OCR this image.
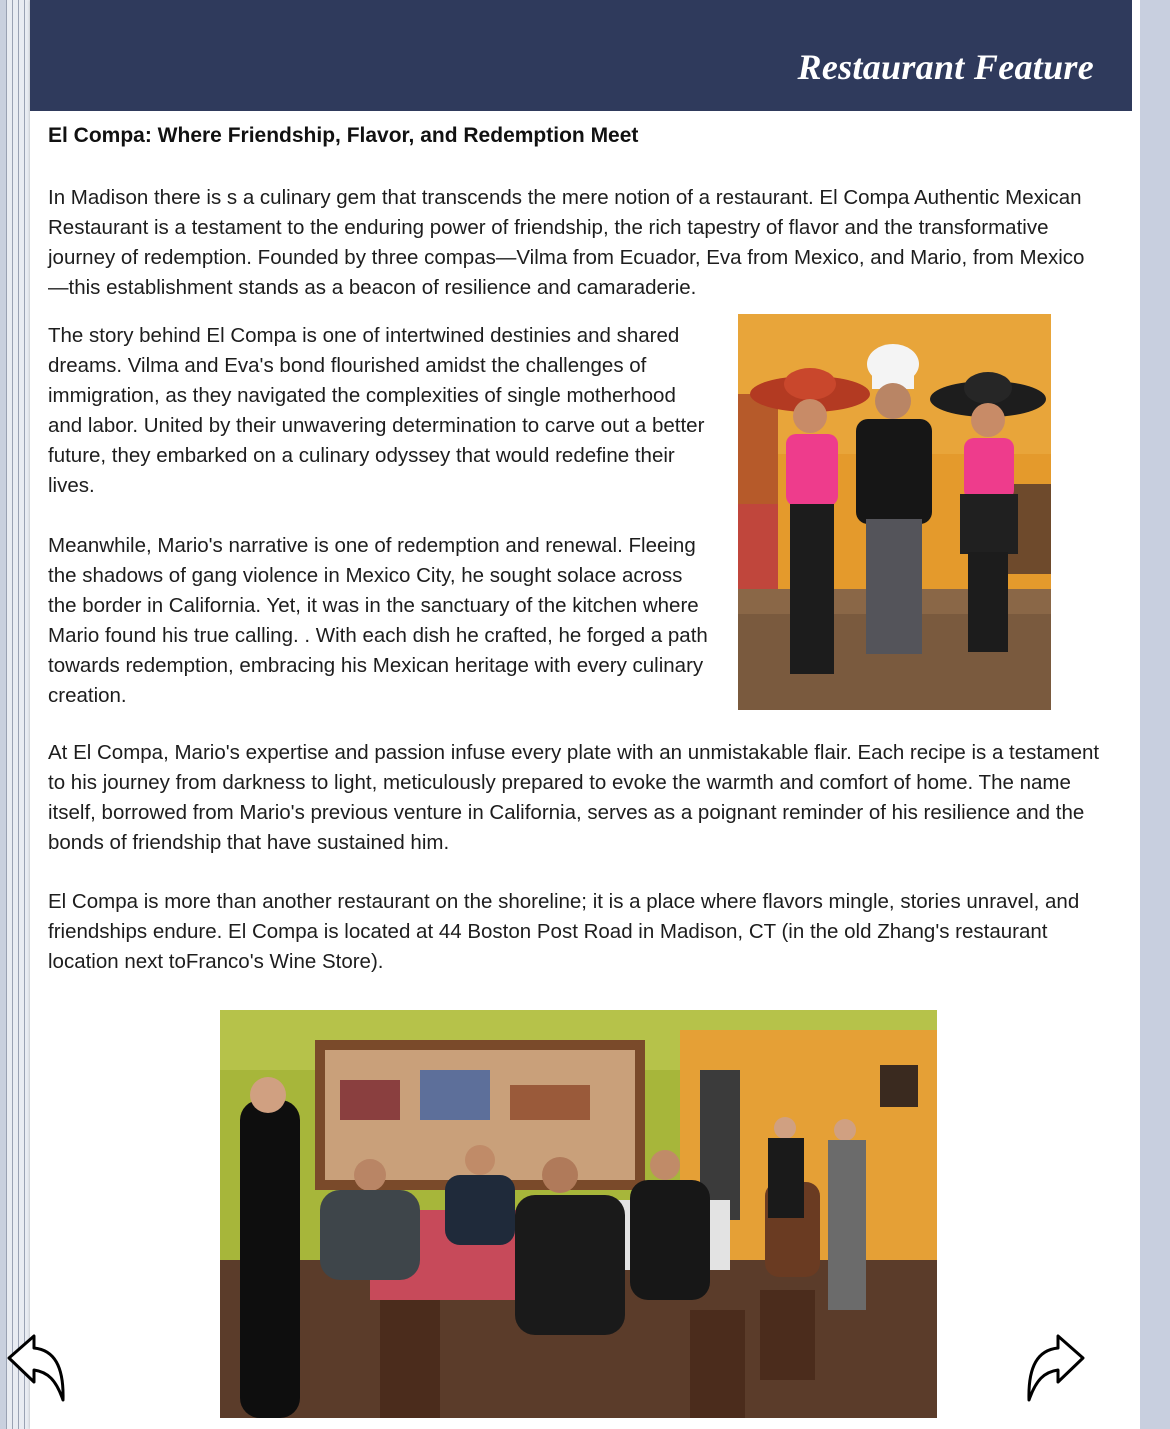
Restaurant Feature
El Compa: Where Friendship, Flavor, and Redemption Meet

In Madison there is s a culinary gem that transcends the mere notion of a restaurant. El Compa Authentic Mexican Restaurant is a testament to the enduring power of friendship, the rich tapestry of flavor and the transformative journey of redemption. Founded by three compas—Vilma from Ecuador, Eva from Mexico, and Mario, from Mexico—this establishment stands as a beacon of resilience and camaraderie.

The story behind El Compa is one of intertwined destinies and shared dreams. Vilma and Eva's bond flourished amidst the challenges of immigration, as they navigated the complexities of single motherhood and labor. United by their unwavering determination to carve out a better future, they embarked on a culinary odyssey that would redefine their lives.

Meanwhile, Mario's narrative is one of redemption and renewal. Fleeing the shadows of gang violence in Mexico City, he sought solace across the border in California. Yet, it was in the sanctuary of the kitchen where Mario found his true calling. . With each dish he crafted, he forged a path towards redemption, embracing his Mexican heritage with every culinary creation.

At El Compa, Mario's expertise and passion infuse every plate with an unmistakable flair. Each recipe is a testament to his journey from darkness to light, meticulously prepared to evoke the warmth and comfort of home. The name itself, borrowed from Mario's previous venture in California, serves as a poignant reminder of his resilience and the bonds of friendship that have sustained him.

El Compa is more than another restaurant on the shoreline; it is a place where flavors mingle, stories unravel, and friendships endure. El Compa is located at 44 Boston Post Road in Madison, CT (in the old Zhang's restaurant location next toFranco's Wine Store).
